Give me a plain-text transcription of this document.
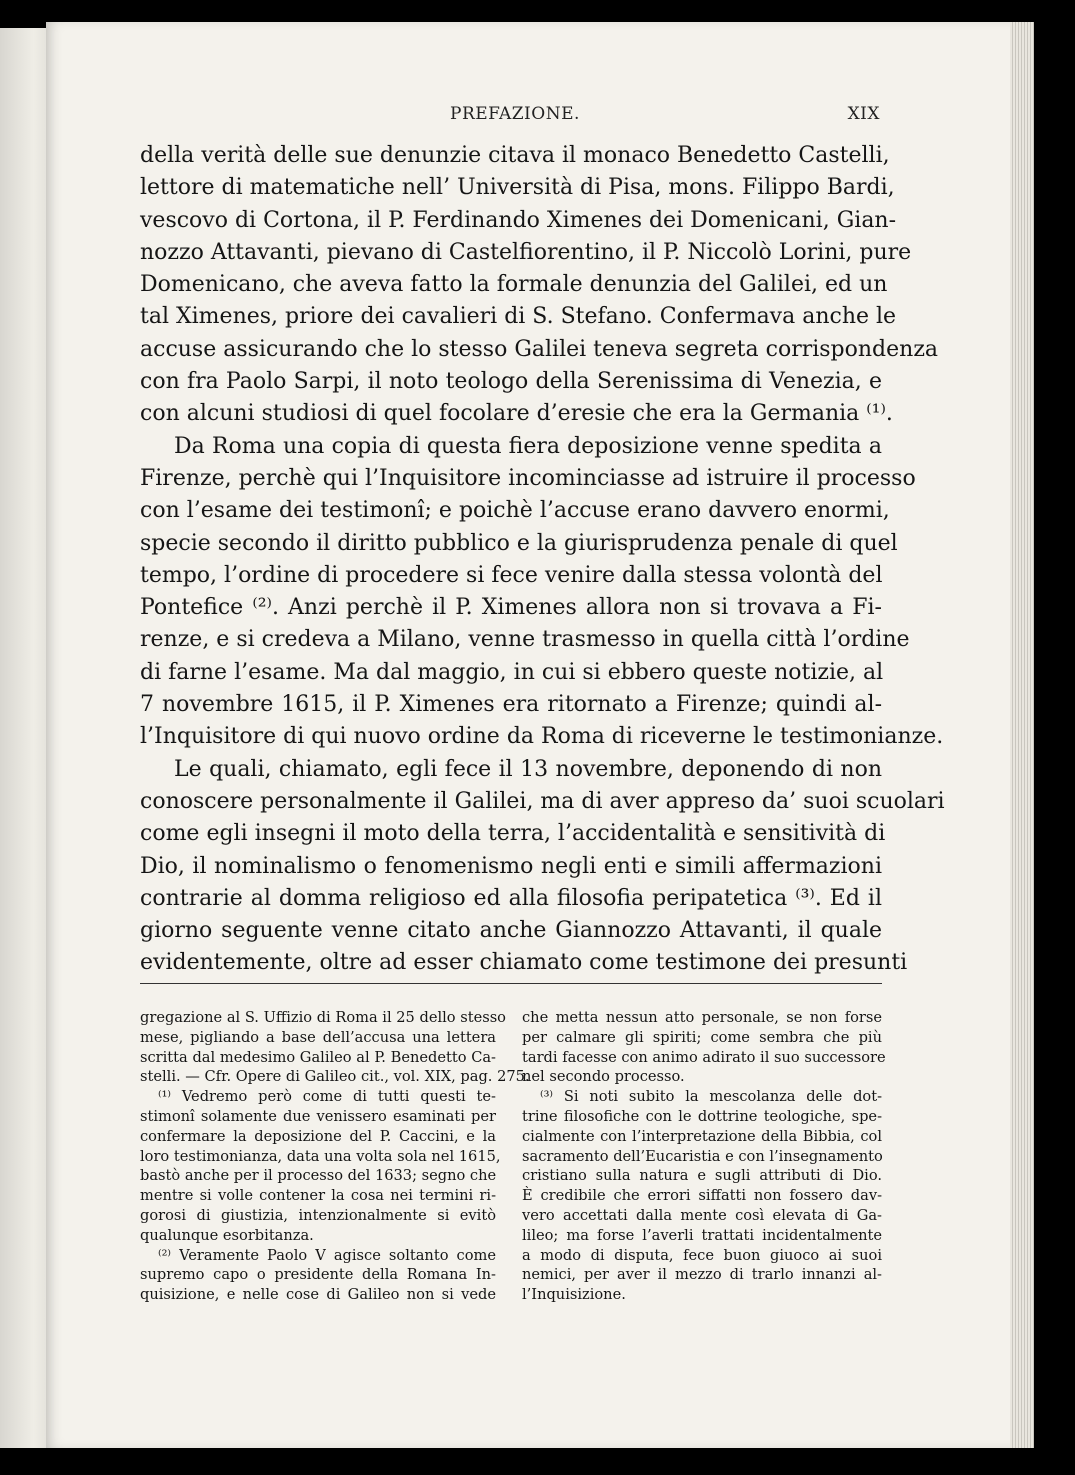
PREFAZIONE.	XIX
della verità delle sue denunzie citava il monaco Benedetto Castelli,
lettore di matematiche nell’ Università di Pisa, mons. Filippo Bardi,
vescovo di Cortona, il P. Ferdinando Ximenes dei Domenicani, Gian-
nozzo Attavanti, pievano di Castelfiorentino, il P. Niccolò Lorini, pure
Domenicano, che aveva fatto la formale denunzia del Galilei, ed un
tal Ximenes, priore dei cavalieri di S. Stefano. Confermava anche le
accuse assicurando che lo stesso Galilei teneva segreta corrispondenza
con fra Paolo Sarpi, il noto teologo della Serenissima di Venezia, e
con alcuni studiosi di quel focolare d’eresie che era la Germania ⁽¹⁾.
Da Roma una copia di questa fiera deposizione venne spedita a
Firenze, perchè qui l’Inquisitore incominciasse ad istruire il processo
con l’esame dei testimonî; e poichè l’accuse erano davvero enormi,
specie secondo il diritto pubblico e la giurisprudenza penale di quel
tempo, l’ordine di procedere si fece venire dalla stessa volontà del
Pontefice ⁽²⁾. Anzi perchè il P. Ximenes allora non si trovava a Fi-
renze, e si credeva a Milano, venne trasmesso in quella città l’ordine
di farne l’esame. Ma dal maggio, in cui si ebbero queste notizie, al
7 novembre 1615, il P. Ximenes era ritornato a Firenze; quindi al-
l’Inquisitore di qui nuovo ordine da Roma di riceverne le testimonianze.
Le quali, chiamato, egli fece il 13 novembre, deponendo di non
conoscere personalmente il Galilei, ma di aver appreso da’ suoi scuolari
come egli insegni il moto della terra, l’accidentalità e sensitività di
Dio, il nominalismo o fenomenismo negli enti e simili affermazioni
contrarie al domma religioso ed alla filosofia peripatetica ⁽³⁾. Ed il
giorno seguente venne citato anche Giannozzo Attavanti, il quale
evidentemente, oltre ad esser chiamato come testimone dei presunti
gregazione al S. Uffizio di Roma il 25 dello stesso
mese, pigliando a base dell’accusa una lettera
scritta dal medesimo Galileo al P. Benedetto Ca-
stelli. — Cfr. Opere di Galileo cit., vol. XIX, pag. 275.
⁽¹⁾ Vedremo però come di tutti questi te-
stimonî solamente due venissero esaminati per
confermare la deposizione del P. Caccini, e la
loro testimonianza, data una volta sola nel 1615,
bastò anche per il processo del 1633; segno che
mentre si volle contener la cosa nei termini ri-
gorosi di giustizia, intenzionalmente si evitò
qualunque esorbitanza.
⁽²⁾ Veramente Paolo V agisce soltanto come
supremo capo o presidente della Romana In-
quisizione, e nelle cose di Galileo non si vede
che metta nessun atto personale, se non forse
per calmare gli spiriti; come sembra che più
tardi facesse con animo adirato il suo successore
nel secondo processo.
⁽³⁾ Si noti subito la mescolanza delle dot-
trine filosofiche con le dottrine teologiche, spe-
cialmente con l’interpretazione della Bibbia, col
sacramento dell’Eucaristia e con l’insegnamento
cristiano sulla natura e sugli attributi di Dio.
È credibile che errori siffatti non fossero dav-
vero accettati dalla mente così elevata di Ga-
lileo; ma forse l’averli trattati incidentalmente
a modo di disputa, fece buon giuoco ai suoi
nemici, per aver il mezzo di trarlo innanzi al-
l’Inquisizione.
